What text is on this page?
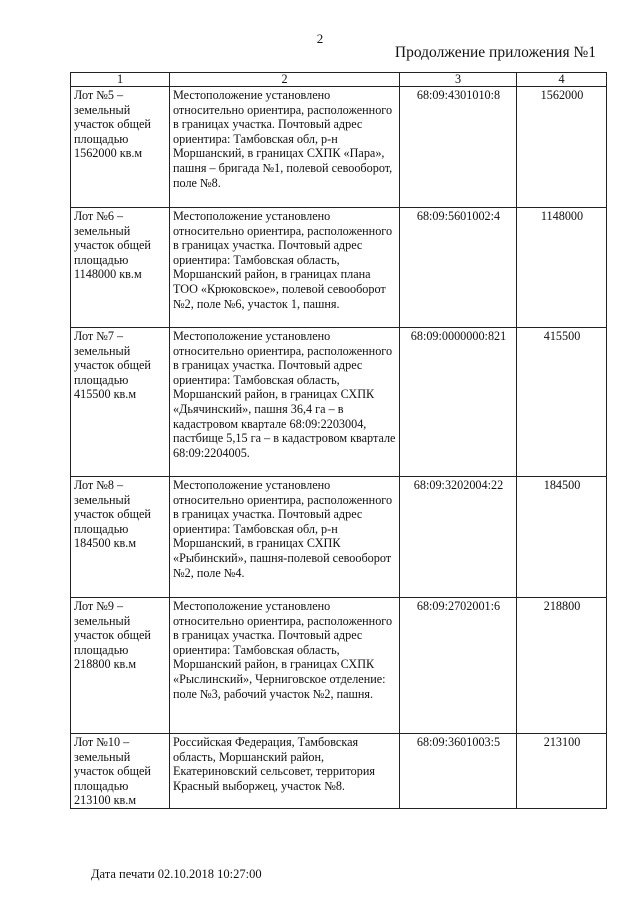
2
Продолжение приложения №1
1	2	3	4
Лот №5 – земельный участок общей площадью 1562000 кв.м	Местоположение установлено относительно ориентира, расположенного в границах участка. Почтовый адрес ориентира: Тамбовская обл, р-н Моршанский, в границах СХПК «Пара», пашня – бригада №1, полевой севооборот, поле №8.	68:09:4301010:8	1562000
Лот №6 – земельный участок общей площадью 1148000 кв.м	Местоположение установлено относительно ориентира, расположенного в границах участка. Почтовый адрес ориентира: Тамбовская область, Моршанский район, в границах плана ТОО «Крюковское», полевой севооборот №2, поле №6, участок 1, пашня.	68:09:5601002:4	1148000
Лот №7 – земельный участок общей площадью 415500 кв.м	Местоположение установлено относительно ориентира, расположенного в границах участка. Почтовый адрес ориентира: Тамбовская область, Моршанский район, в границах СХПК «Дьячинский», пашня 36,4 га – в кадастровом квартале 68:09:2203004, пастбище 5,15 га – в кадастровом квартале 68:09:2204005.	68:09:0000000:821	415500
Лот №8 – земельный участок общей площадью 184500 кв.м	Местоположение установлено относительно ориентира, расположенного в границах участка. Почтовый адрес ориентира: Тамбовская обл, р-н Моршанский, в границах СХПК «Рыбинский», пашня-полевой севооборот №2, поле №4.	68:09:3202004:22	184500
Лот №9 – земельный участок общей площадью 218800 кв.м	Местоположение установлено относительно ориентира, расположенного в границах участка. Почтовый адрес ориентира: Тамбовская область, Моршанский район, в границах СХПК «Рыслинский», Черниговское отделение: поле №3, рабочий участок №2, пашня.	68:09:2702001:6	218800
Лот №10 – земельный участок общей площадью 213100 кв.м	Российская Федерация, Тамбовская область, Моршанский район, Екатериновский сельсовет, территория Красный выборжец, участок №8.	68:09:3601003:5	213100
Дата печати 02.10.2018 10:27:00
